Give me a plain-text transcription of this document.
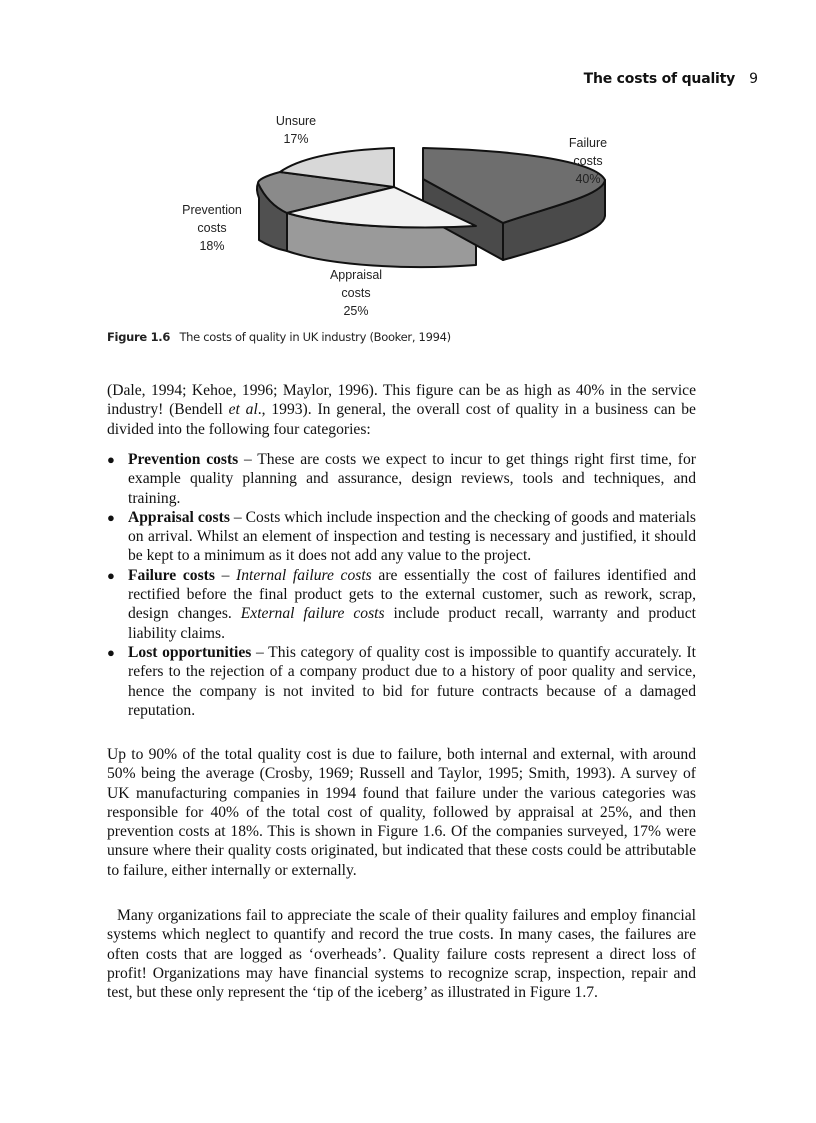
The costs of quality 9
Unsure
17%	Failure
costs
40%
Prevention
costs
18%
Appraisal
costs
25%
Figure 1.6 The costs of quality in UK industry (Booker, 1994)

(Dale, 1994; Kehoe, 1996; Maylor, 1996). This figure can be as high as 40% in the service industry! (Bendell et al., 1993). In general, the overall cost of quality in a business can be divided into the following four categories:

● Prevention costs – These are costs we expect to incur to get things right first time, for example quality planning and assurance, design reviews, tools and techniques, and training.
● Appraisal costs – Costs which include inspection and the checking of goods and materials on arrival. Whilst an element of inspection and testing is necessary and justified, it should be kept to a minimum as it does not add any value to the project.
● Failure costs – Internal failure costs are essentially the cost of failures identified and rectified before the final product gets to the external customer, such as rework, scrap, design changes. External failure costs include product recall, warranty and product liability claims.
● Lost opportunities – This category of quality cost is impossible to quantify accurately. It refers to the rejection of a company product due to a history of poor quality and service, hence the company is not invited to bid for future contracts because of a damaged reputation.

Up to 90% of the total quality cost is due to failure, both internal and external, with around 50% being the average (Crosby, 1969; Russell and Taylor, 1995; Smith, 1993). A survey of UK manufacturing companies in 1994 found that failure under the various categories was responsible for 40% of the total cost of quality, followed by appraisal at 25%, and then prevention costs at 18%. This is shown in Figure 1.6. Of the companies surveyed, 17% were unsure where their quality costs originated, but indicated that these costs could be attributable to failure, either internally or externally.

Many organizations fail to appreciate the scale of their quality failures and employ financial systems which neglect to quantify and record the true costs. In many cases, the failures are often costs that are logged as ‘overheads’. Quality failure costs represent a direct loss of profit! Organizations may have financial systems to recognize scrap, inspection, repair and test, but these only represent the ‘tip of the iceberg’ as illustrated in Figure 1.7.
